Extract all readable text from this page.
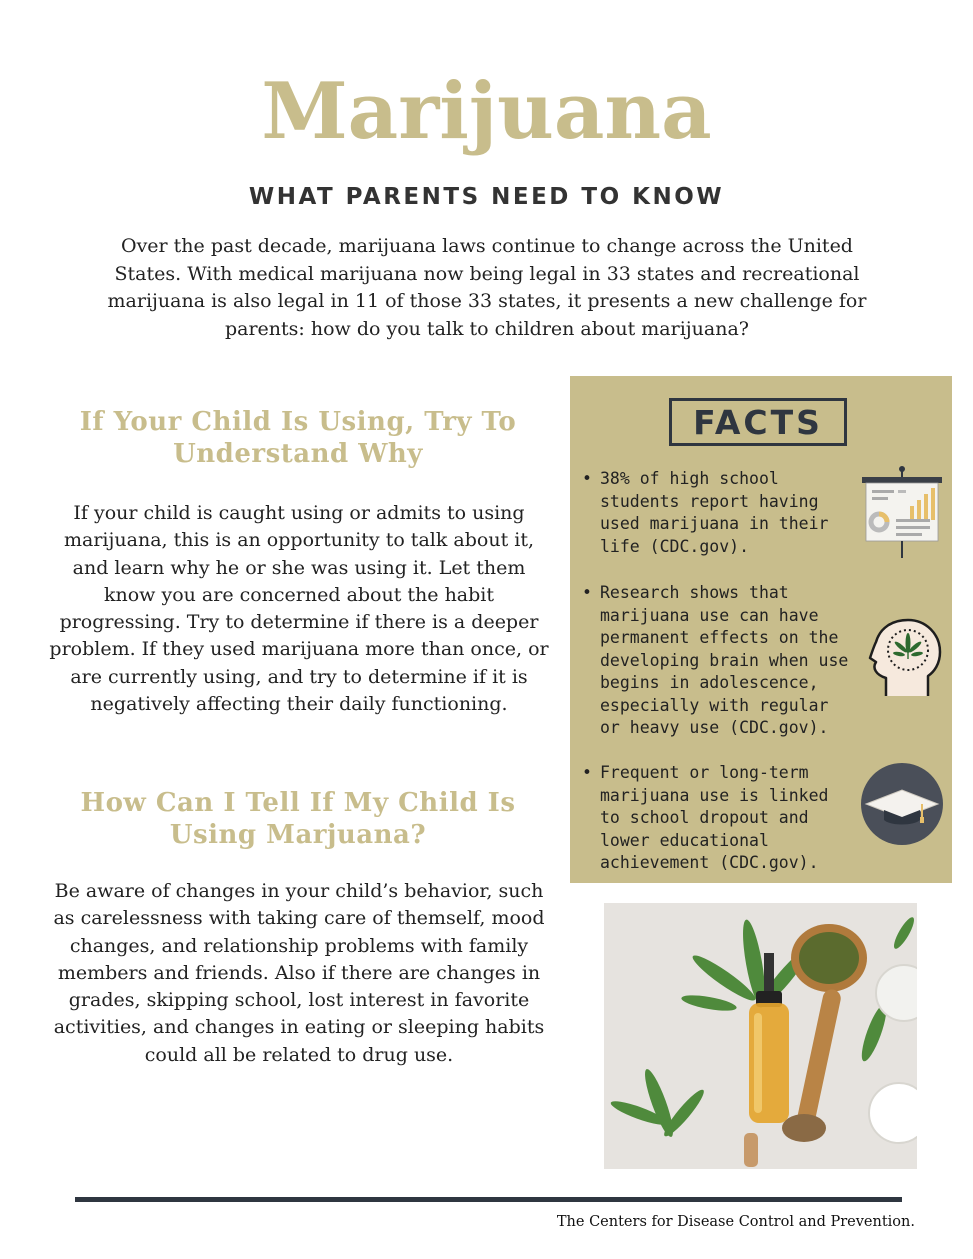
Marijuana
WHAT PARENTS NEED TO KNOW

Over the past decade, marijuana laws continue to change across the United States. With medical marijuana now being legal in 33 states and recreational marijuana is also legal in 11 of those 33 states, it presents a new challenge for parents: how do you talk to children about marijuana?

If Your Child Is Using, Try To Understand Why

If your child is caught using or admits to using marijuana, this is an opportunity to talk about it, and learn why he or she was using it. Let them know you are concerned about the habit progressing. Try to determine if there is a deeper problem. If they used marijuana more than once, or are currently using, and try to determine if it is negatively affecting their daily functioning.

How Can I Tell If My Child Is Using Marjuana?

Be aware of changes in your child’s behavior, such as carelessness with taking care of themself, mood changes, and relationship problems with family members and friends. Also if there are changes in grades, skipping school, lost interest in favorite activities, and changes in eating or sleeping habits could all be related to drug use.

FACTS
• 38% of high school students report having used marijuana in their life (CDC.gov).
• Research shows that marijuana use can have permanent effects on the developing brain when use begins in adolescence, especially with regular or heavy use (CDC.gov).
• Frequent or long-term marijuana use is linked to school dropout and lower educational achievement (CDC.gov).
The Centers for Disease Control and Prevention.
